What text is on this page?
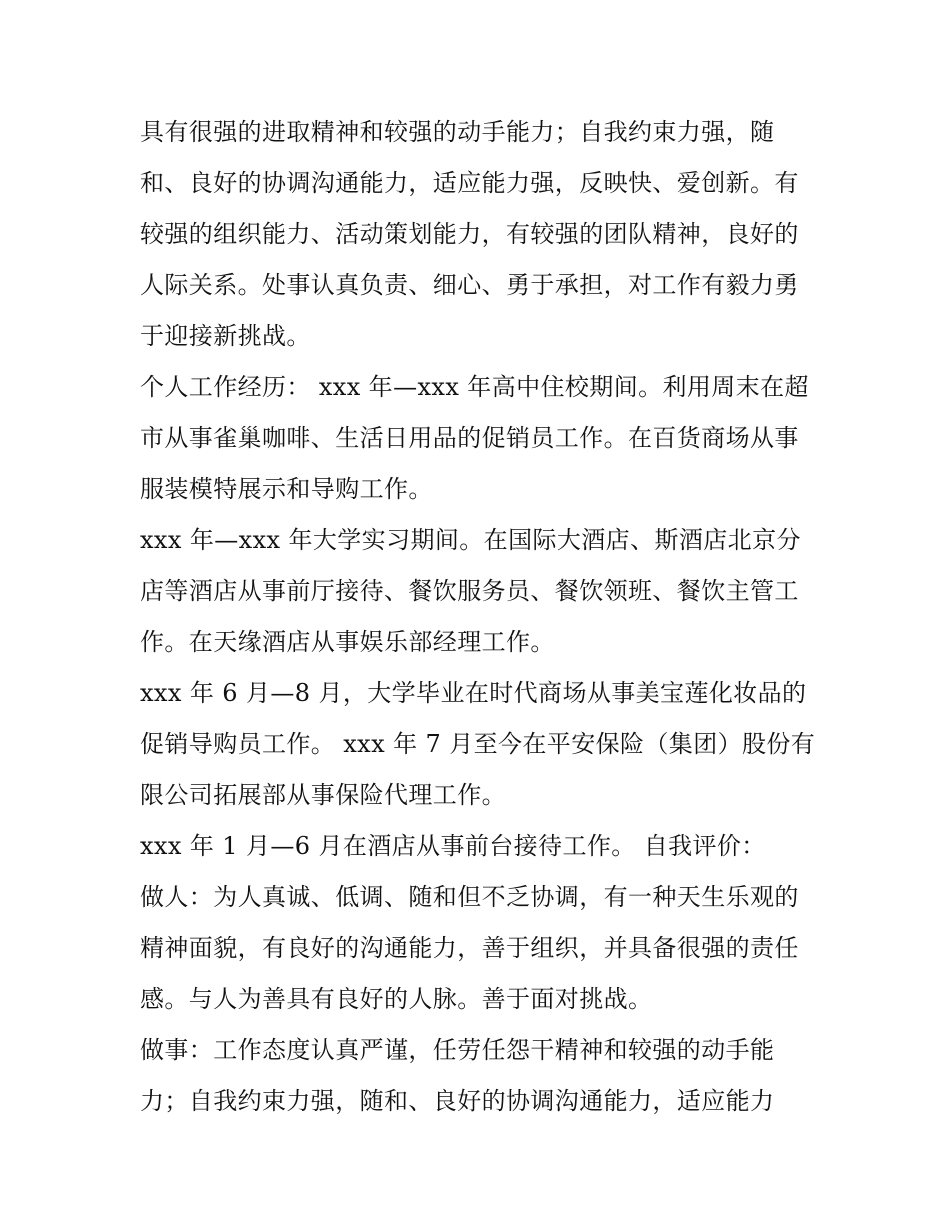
具有很强的进取精神和较强的动手能力；自我约束力强，随
和、良好的协调沟通能力，适应能力强，反映快、爱创新。有
较强的组织能力、活动策划能力，有较强的团队精神，良好的
人际关系。处事认真负责、细心、勇于承担，对工作有毅力勇
于迎接新挑战。
个人工作经历： xxx 年—xxx 年高中住校期间。利用周末在超
市从事雀巢咖啡、生活日用品的促销员工作。在百货商场从事
服装模特展示和导购工作。
xxx 年—xxx 年大学实习期间。在国际大酒店、斯酒店北京分
店等酒店从事前厅接待、餐饮服务员、餐饮领班、餐饮主管工
作。在天缘酒店从事娱乐部经理工作。
xxx 年 6 月—8 月，大学毕业在时代商场从事美宝莲化妆品的
促销导购员工作。 xxx 年 7 月至今在平安保险（集团）股份有
限公司拓展部从事保险代理工作。
xxx 年 1 月—6 月在酒店从事前台接待工作。 自我评价：
做人：为人真诚、低调、随和但不乏协调，有一种天生乐观的
精神面貌，有良好的沟通能力，善于组织，并具备很强的责任
感。与人为善具有良好的人脉。善于面对挑战。
做事：工作态度认真严谨，任劳任怨干精神和较强的动手能
力；自我约束力强，随和、良好的协调沟通能力，适应能力
